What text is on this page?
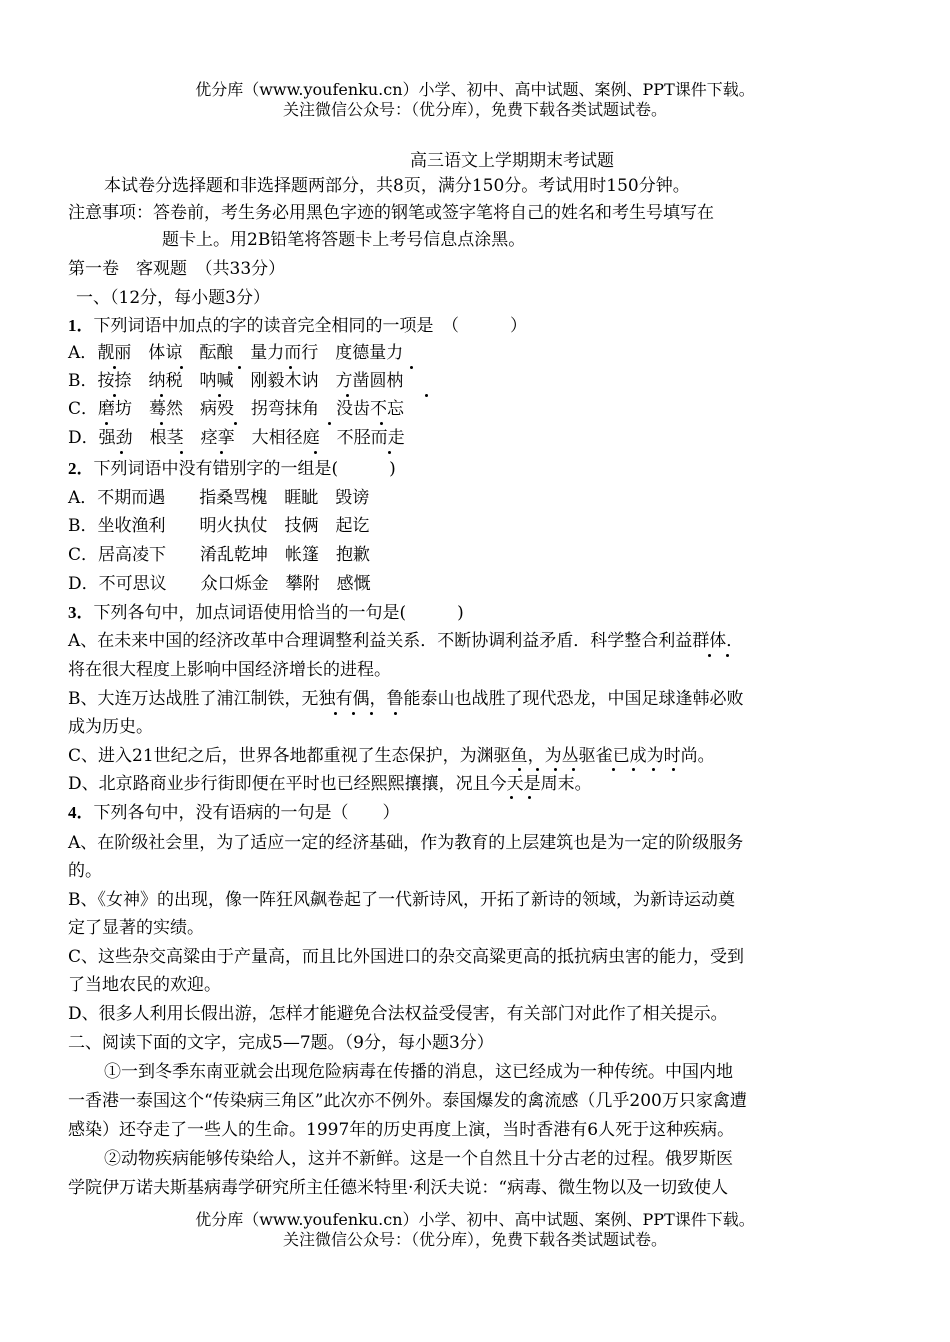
优分库（www.youfenku.cn）小学、初中、高中试题、案例、PPT课件下载。
关注微信公众号：（优分库），免费下载各类试题试卷。
高三语文上学期期末考试题
本试卷分选择题和非选择题两部分，共8页，满分150分。考试用时150分钟。
注意事项：答卷前，考生务必用黑色字迹的钢笔或签字笔将自己的姓名和考生号填写在
题卡上。用2B铅笔将答题卡上考号信息点涂黑。
第一卷　客观题　（共33分）
一、（12分，每小题3分）
1．下列词语中加点的字的读音完全相同的一项是　（　　　）
A．靓丽　体谅　酝酿　量力而行　度德量力
B．按捺　纳税　呐喊　刚毅木讷　方凿圆枘
C．磨坊　蓦然　病殁　拐弯抹角　没齿不忘
D．强劲　根茎　痉挛　大相径庭　不胫而走
2．下列词语中没有错别字的一组是(　　　)
A．不期而遇　　指桑骂槐　睚眦　毁谤
B．坐收渔利　　明火执仗　技俩　起讫
C．居高凌下　　淆乱乾坤　帐篷　抱歉
D．不可思议　　众口烁金　攀附　感慨
3．下列各句中，加点词语使用恰当的一句是(　　　)
A、在未来中国的经济改革中合理调整利益关系．不断协调利益矛盾．科学整合利益群体．
将在很大程度上影响中国经济增长的进程。
B、大连万达战胜了浦江制铁，无独有偶，鲁能泰山也战胜了现代恐龙，中国足球逢韩必败
成为历史。
C、进入21世纪之后，世界各地都重视了生态保护，为渊驱鱼，为丛驱雀已成为时尚。
D、北京路商业步行街即便在平时也已经熙熙攘攘，况且今天是周末。
4．下列各句中，没有语病的一句是（　　）
A、在阶级社会里，为了适应一定的经济基础，作为教育的上层建筑也是为一定的阶级服务
的。
B、《女神》的出现，像一阵狂风飙卷起了一代新诗风，开拓了新诗的领域，为新诗运动奠
定了显著的实绩。
C、这些杂交高粱由于产量高，而且比外国进口的杂交高粱更高的抵抗病虫害的能力，受到
了当地农民的欢迎。
D、很多人利用长假出游，怎样才能避免合法权益受侵害，有关部门对此作了相关提示。
二、阅读下面的文字，完成5—7题。（9分，每小题3分）
①一到冬季东南亚就会出现危险病毒在传播的消息，这已经成为一种传统。中国内地
一香港一泰国这个“传染病三角区”此次亦不例外。泰国爆发的禽流感（几乎200万只家禽遭
感染）还夺走了一些人的生命。1997年的历史再度上演，当时香港有6人死于这种疾病。
②动物疾病能够传染给人，这并不新鲜。这是一个自然且十分古老的过程。俄罗斯医
学院伊万诺夫斯基病毒学研究所主任德米特里·利沃夫说：“病毒、微生物以及一切致使人
优分库（www.youfenku.cn）小学、初中、高中试题、案例、PPT课件下载。
关注微信公众号：（优分库），免费下载各类试题试卷。
